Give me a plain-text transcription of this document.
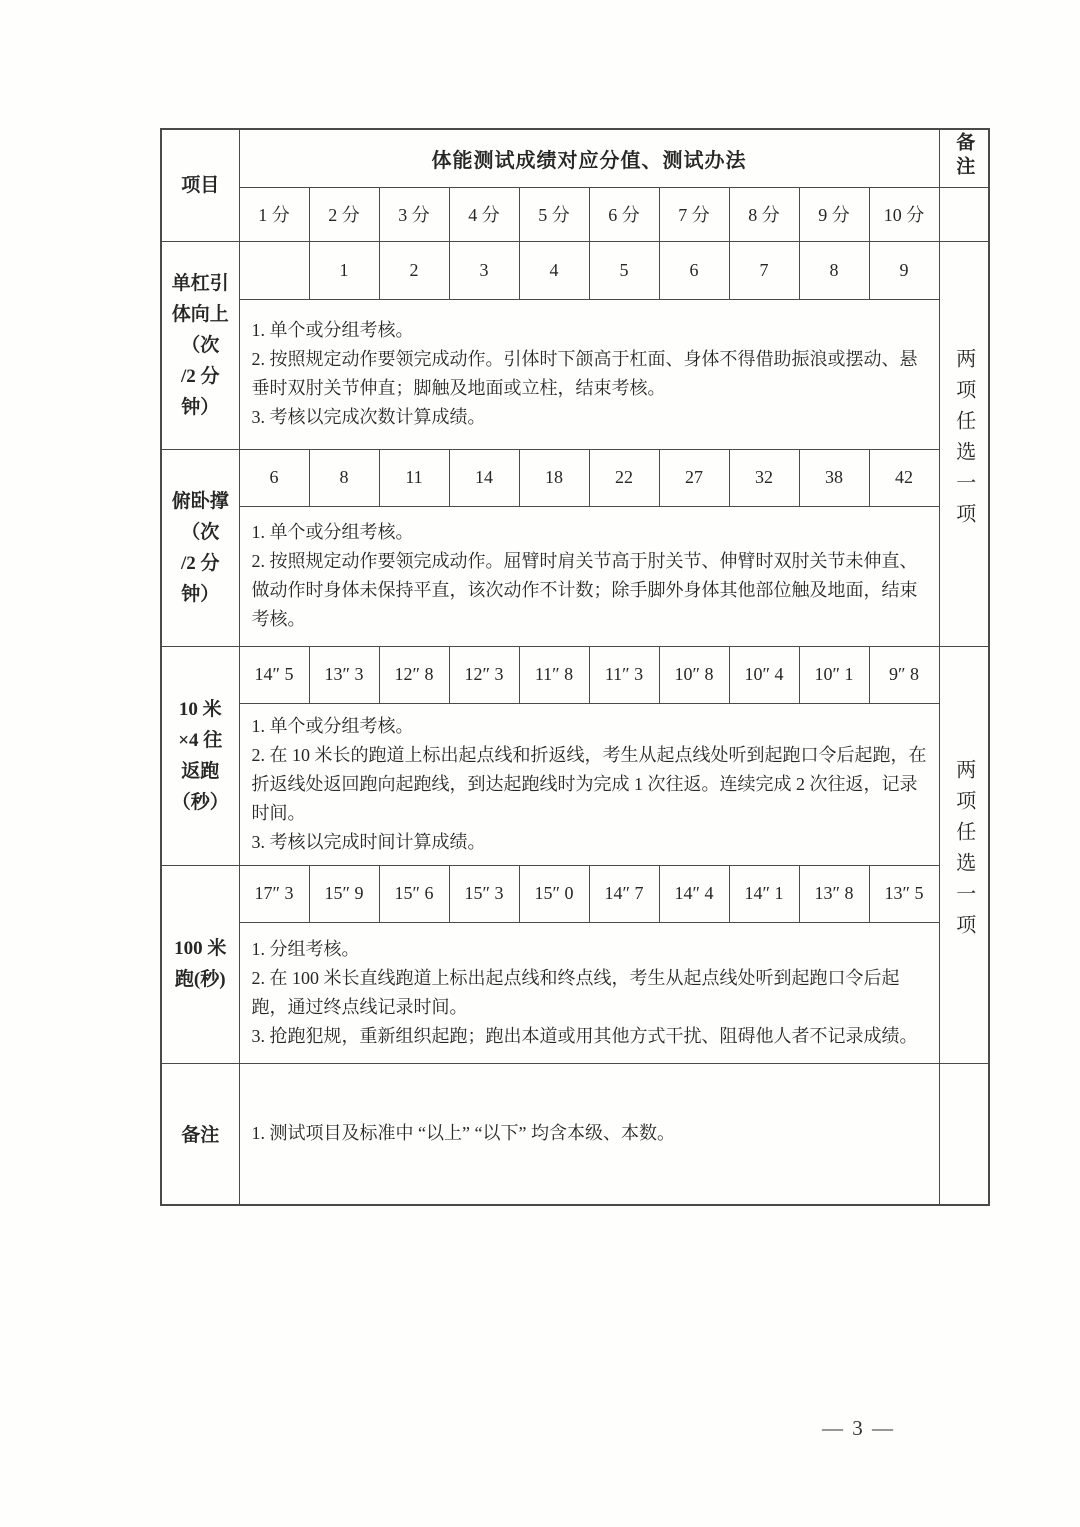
项目	体能测试成绩对应分值、测试办法										备注
	1 分	2 分	3 分	4 分	5 分	6 分	7 分	8 分	9 分	10 分	

单杠引
体向上
（次
/2 分
钟）		1	2	3	4	5	6	7	8	9	两项任选一项

	1. 单个或分组考核。
2. 按照规定动作要领完成动作。引体时下颌高于杠面、身体不得借助振浪或摆动、悬垂时双肘关节伸直；脚触及地面或立柱，结束考核。
3. 考核以完成次数计算成绩。										

俯卧撑
（次
/2 分
钟）	6	8	11	14	18	22	27	32	38	42	

	1. 单个或分组考核。
2. 按照规定动作要领完成动作。屈臂时肩关节高于肘关节、伸臂时双肘关节未伸直、做动作时身体未保持平直，该次动作不计数；除手脚外身体其他部位触及地面，结束考核。										

10 米
×4 往
返跑
（秒）	14″ 5	13″ 3	12″ 8	12″ 3	11″ 8	11″ 3	10″ 8	10″ 4	10″ 1	9″ 8	两项任选一项

	1. 单个或分组考核。
2. 在 10 米长的跑道上标出起点线和折返线，考生从起点线处听到起跑口令后起跑，在折返线处返回跑向起跑线，到达起跑线时为完成 1 次往返。连续完成 2 次往返，记录时间。
3. 考核以完成时间计算成绩。										

100 米
跑(秒)	17″ 3	15″ 9	15″ 6	15″ 3	15″ 0	14″ 7	14″ 4	14″ 1	13″ 8	13″ 5	

	1. 分组考核。
2. 在 100 米长直线跑道上标出起点线和终点线，考生从起点线处听到起跑口令后起跑，通过终点线记录时间。
3. 抢跑犯规，重新组织起跑；跑出本道或用其他方式干扰、阻碍他人者不记录成绩。										

备注	1. 测试项目及标准中 “以上” “以下” 均含本级、本数。										
— 3 —
